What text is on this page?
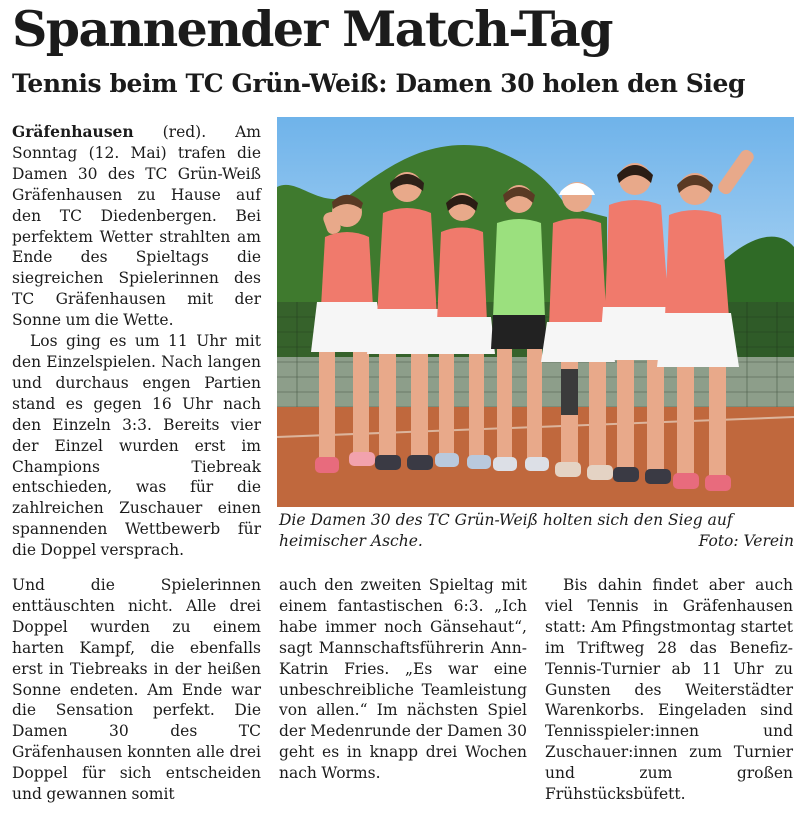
Spannender Match-Tag
Tennis beim TC Grün-Weiß: Damen 30 holen den Sieg

Gräfenhausen (red). Am Sonntag (12. Mai) trafen die Damen 30 des TC Grün-Weiß Gräfenhausen zu Hause auf den TC Diedenbergen. Bei perfektem Wetter strahlten am Ende des Spieltags die siegreichen Spielerinnen des TC Gräfenhausen mit der Sonne um die Wette.

Los ging es um 11 Uhr mit den Einzelspielen. Nach langen und durchaus engen Partien stand es gegen 16 Uhr nach den Einzeln 3:3. Bereits vier der Einzel wurden erst im Champions Tiebreak entschieden, was für die zahlreichen Zuschauer einen spannenden Wettbewerb für die Doppel versprach.

Die Damen 30 des TC Grün-Weiß holten sich den Sieg auf heimischer Asche.	Foto: Verein

Und die Spielerinnen enttäuschten nicht. Alle drei Doppel wurden zu einem harten Kampf, die ebenfalls erst in Tiebreaks in der heißen Sonne endeten. Am Ende war die Sensation perfekt. Die Damen 30 des TC Gräfenhausen konnten alle drei Doppel für sich entscheiden und gewannen somit

auch den zweiten Spieltag mit einem fantastischen 6:3. „Ich habe immer noch Gänsehaut“, sagt Mannschaftsführerin Ann-Katrin Fries. „Es war eine unbeschreibliche Teamleistung von allen.“ Im nächsten Spiel der Medenrunde der Damen 30 geht es in knapp drei Wochen nach Worms.

Bis dahin findet aber auch viel Tennis in Gräfenhausen statt: Am Pfingstmontag startet im Triftweg 28 das Benefiz-Tennis-Turnier ab 11 Uhr zu Gunsten des Weiterstädter Warenkorbs. Eingeladen sind Tennisspieler:innen und Zuschauer:innen zum Turnier und zum großen Frühstücksbüfett.
